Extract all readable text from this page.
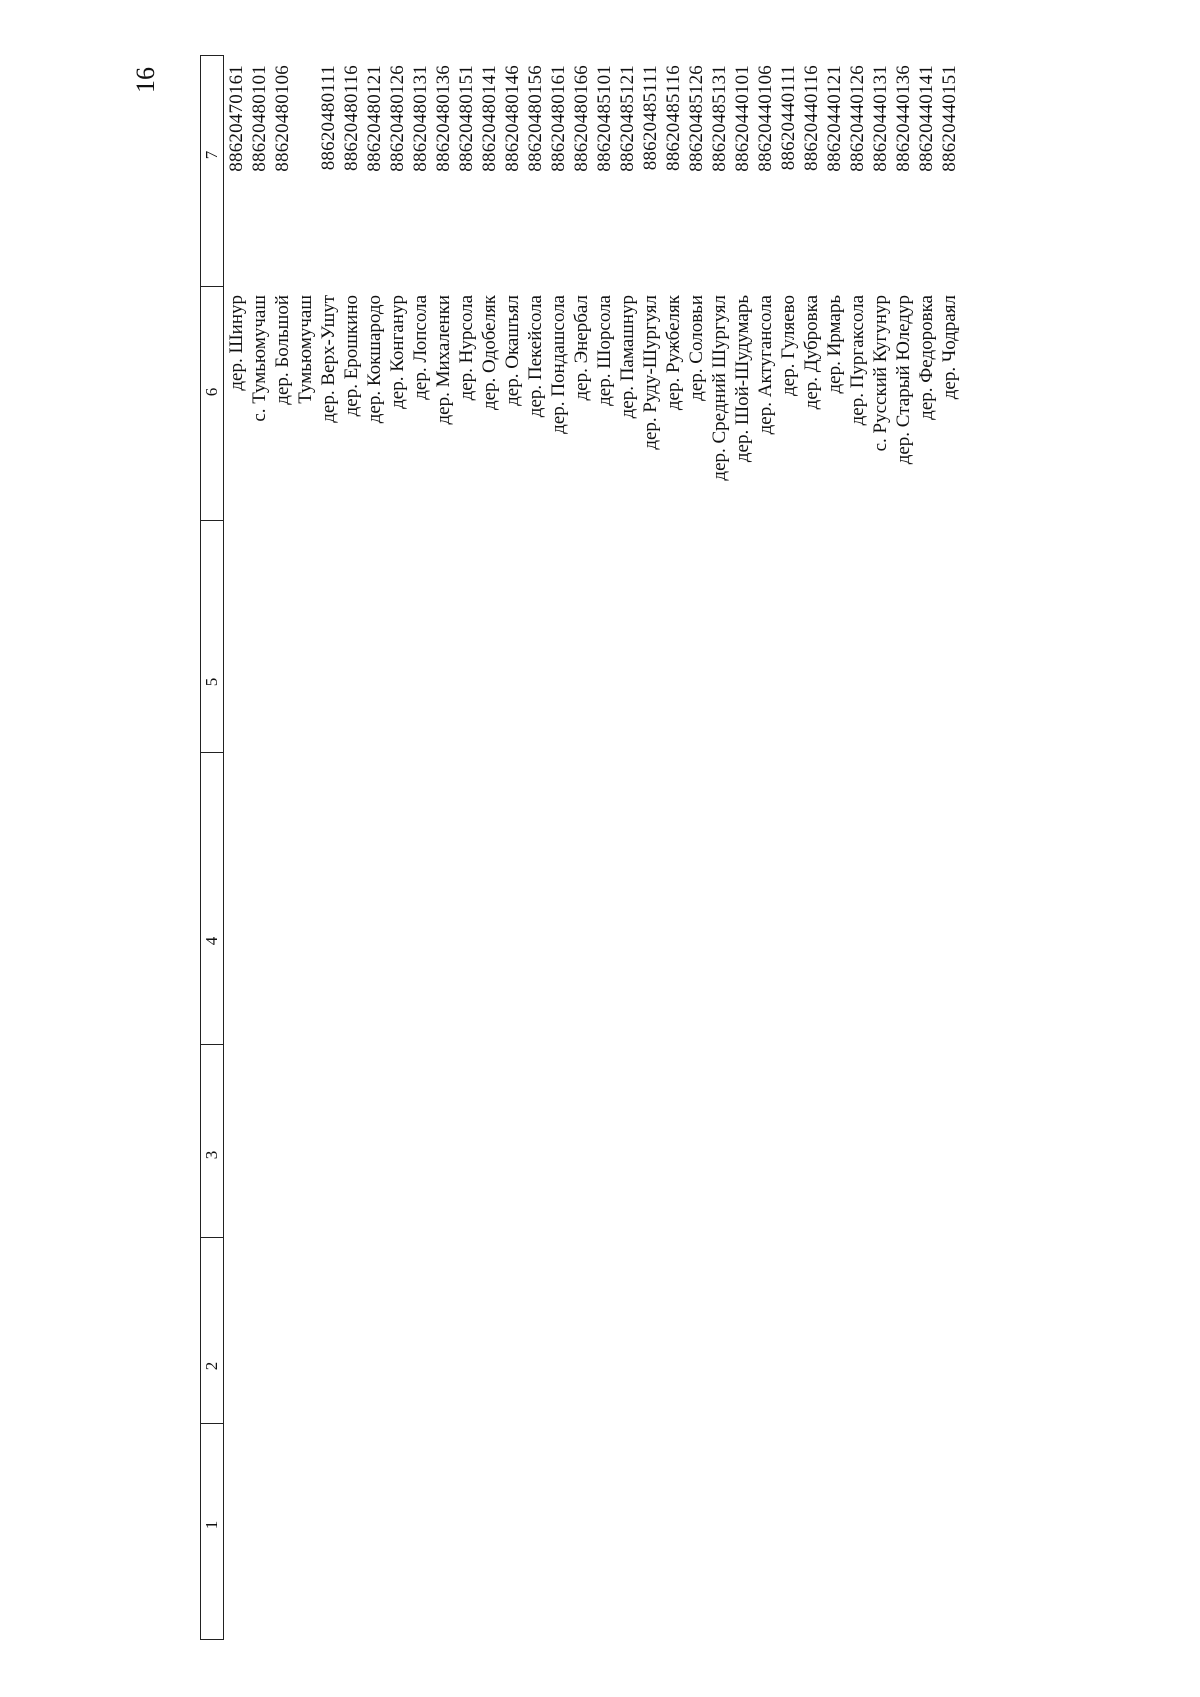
16
7
6
5
4
3
2
1
дер. Шинур
88620470161
с. Тумьюмучаш
88620480101
дер. Большой
88620480106
Тумьюмучаш дер. Верх-Ушут
88620480111
дер. Ерошкино
88620480116
дер. Кокшародо
88620480121
дер. Конганур
88620480126
дер. Лопсола
88620480131
дер. Михаленки
88620480136
дер. Нурсола
88620480151
дер. Одобеляк
88620480141
дер. Окашъял
88620480146
дер. Пекейсола
88620480156
дер. Пондашсола
88620480161
дер. Энербал
88620480166
дер. Шорсола
88620485101
дер. Памашнур
88620485121
дер. Руду-Шургуял
88620485111
дер. Ружбеляк
88620485116
дер. Соловьи
88620485126
дер. Средний Шургуял
88620485131
дер. Шой-Шудумарь
88620440101
дер. Актугансола
88620440106
дер. Гуляево
88620440111
дер. Дубровка
88620440116
дер. Ирмарь
88620440121
дер. Пургаксола
88620440126
с. Русский Кугунур
88620440131
дер. Старый Юледур
88620440136
дер. Федоровка
88620440141
дер. Чодраял
88620440151
